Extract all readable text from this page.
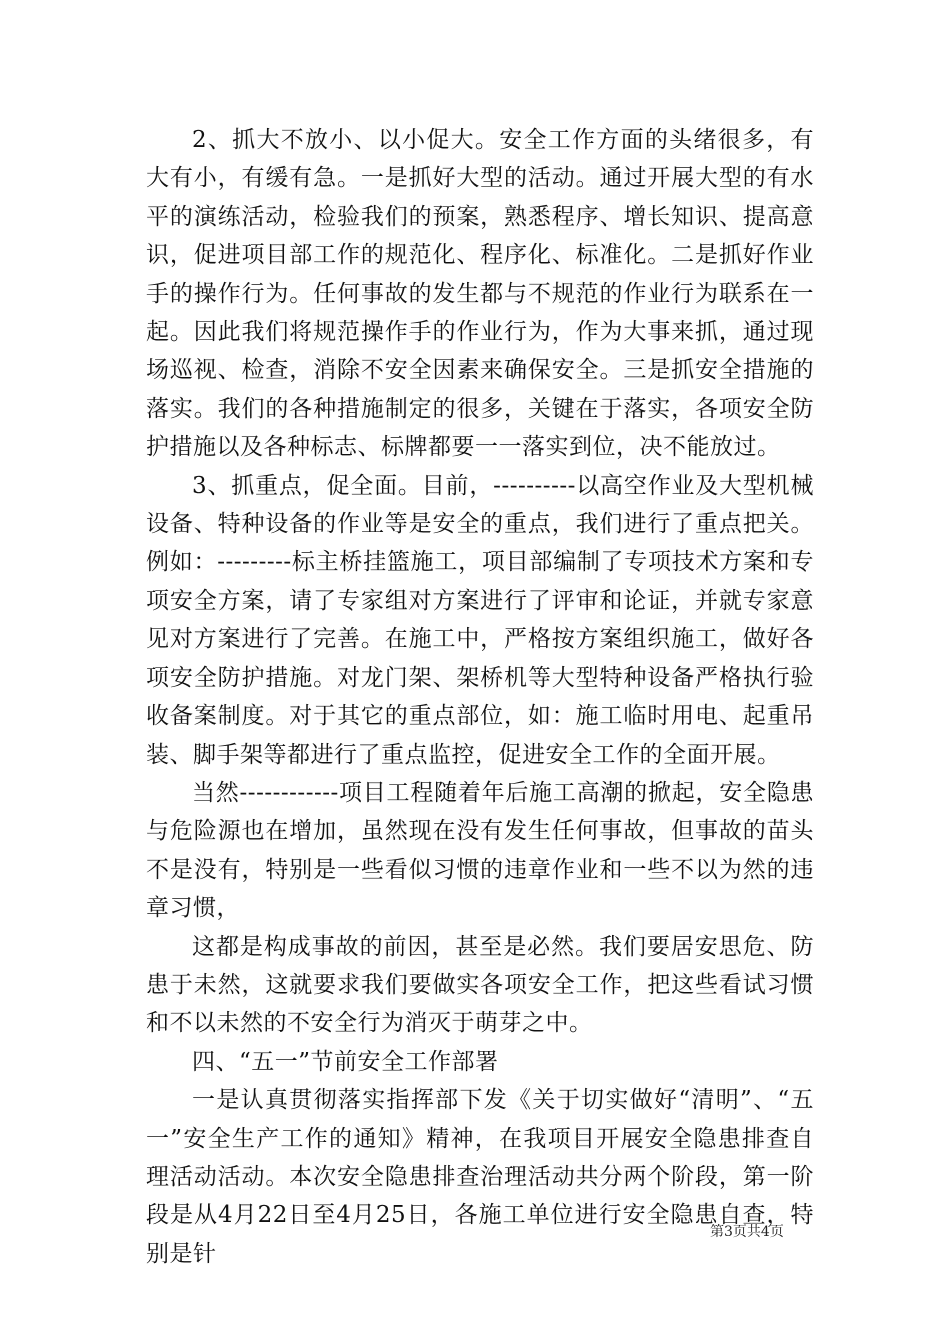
2、抓大不放小、以小促大。安全工作方面的头绪很多，有大有小，有缓有急。一是抓好大型的活动。通过开展大型的有水平的演练活动，检验我们的预案，熟悉程序、增长知识、提高意识，促进项目部工作的规范化、程序化、标准化。二是抓好作业手的操作行为。任何事故的发生都与不规范的作业行为联系在一起。因此我们将规范操作手的作业行为，作为大事来抓，通过现场巡视、检查，消除不安全因素来确保安全。三是抓安全措施的落实。我们的各种措施制定的很多，关键在于落实，各项安全防护措施以及各种标志、标牌都要一一落实到位，决不能放过。

3、抓重点，促全面。目前，----------以高空作业及大型机械设备、特种设备的作业等是安全的重点，我们进行了重点把关。例如：---------标主桥挂篮施工，项目部编制了专项技术方案和专项安全方案，请了专家组对方案进行了评审和论证，并就专家意见对方案进行了完善。在施工中，严格按方案组织施工，做好各项安全防护措施。对龙门架、架桥机等大型特种设备严格执行验收备案制度。对于其它的重点部位，如：施工临时用电、起重吊装、脚手架等都进行了重点监控，促进安全工作的全面开展。

当然------------项目工程随着年后施工高潮的掀起，安全隐患与危险源也在增加，虽然现在没有发生任何事故，但事故的苗头不是没有，特别是一些看似习惯的违章作业和一些不以为然的违章习惯，

这都是构成事故的前因，甚至是必然。我们要居安思危、防患于未然，这就要求我们要做实各项安全工作，把这些看试习惯和不以未然的不安全行为消灭于萌芽之中。

四、“五一”节前安全工作部署

一是认真贯彻落实指挥部下发《关于切实做好“清明”、“五一”安全生产工作的通知》精神，在我项目开展安全隐患排查自理活动活动。本次安全隐患排查治理活动共分两个阶段，第一阶段是从4月22日至4月25日，各施工单位进行安全隐患自查，特别是针

第3页共4页
